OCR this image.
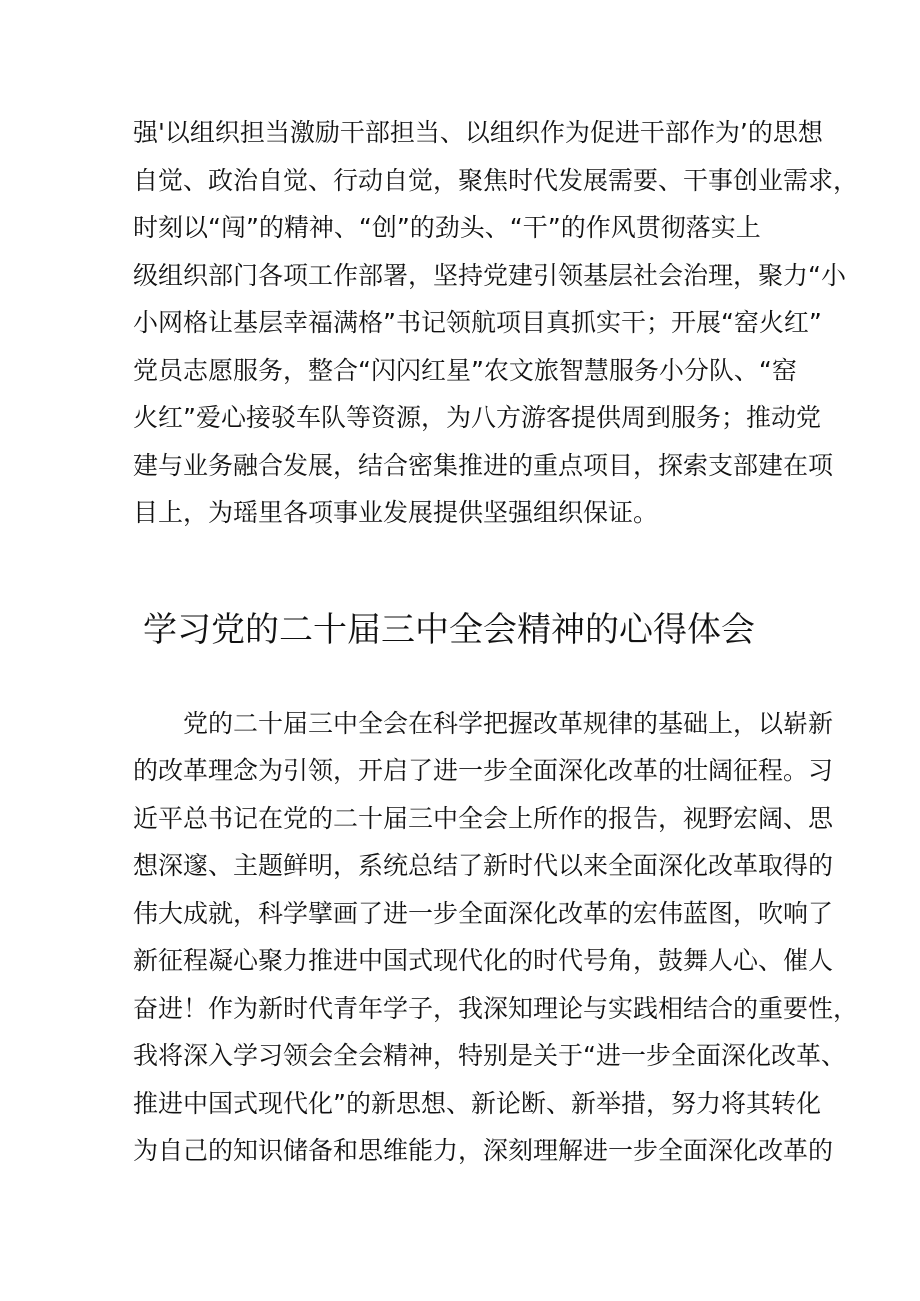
强'以组织担当激励干部担当、以组织作为促进干部作为’的思想
自觉、政治自觉、行动自觉，聚焦时代发展需要、干事创业需求，
时刻以“闯”的精神、“创”的劲头、“干”的作风贯彻落实上
级组织部门各项工作部署，坚持党建引领基层社会治理，聚力“小
小网格让基层幸福满格”书记领航项目真抓实干；开展“窑火红”
党员志愿服务，整合“闪闪红星”农文旅智慧服务小分队、“窑
火红”爱心接驳车队等资源，为八方游客提供周到服务；推动党
建与业务融合发展，结合密集推进的重点项目，探索支部建在项
目上，为瑶里各项事业发展提供坚强组织保证。
学习党的二十届三中全会精神的心得体会
党的二十届三中全会在科学把握改革规律的基础上，以崭新
的改革理念为引领，开启了进一步全面深化改革的壮阔征程。习
近平总书记在党的二十届三中全会上所作的报告，视野宏阔、思
想深邃、主题鲜明，系统总结了新时代以来全面深化改革取得的
伟大成就，科学擘画了进一步全面深化改革的宏伟蓝图，吹响了
新征程凝心聚力推进中国式现代化的时代号角，鼓舞人心、催人
奋进！作为新时代青年学子，我深知理论与实践相结合的重要性，
我将深入学习领会全会精神，特别是关于“进一步全面深化改革、
推进中国式现代化”的新思想、新论断、新举措，努力将其转化
为自己的知识储备和思维能力，深刻理解进一步全面深化改革的
